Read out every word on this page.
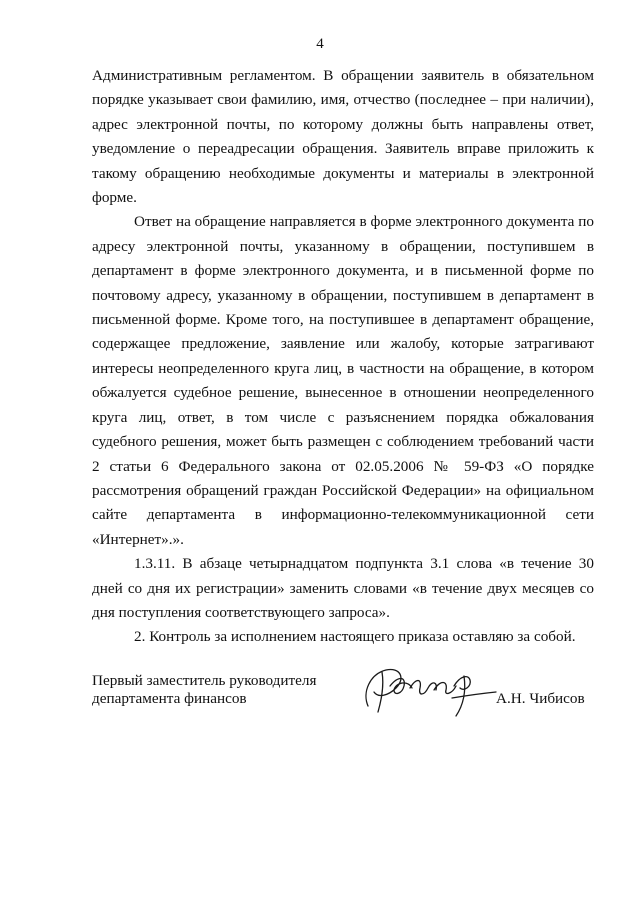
4

Административным регламентом. В обращении заявитель в обязательном порядке указывает свои фамилию, имя, отчество (последнее – при наличии), адрес электронной почты, по которому должны быть направлены ответ, уведомление о переадресации обращения. Заявитель вправе приложить к такому обращению необходимые документы и материалы в электронной форме.

Ответ на обращение направляется в форме электронного документа по адресу электронной почты, указанному в обращении, поступившем в департамент в форме электронного документа, и в письменной форме по почтовому адресу, указанному в обращении, поступившем в департамент в письменной форме. Кроме того, на поступившее в департамент обращение, содержащее предложение, заявление или жалобу, которые затрагивают интересы неопределенного круга лиц, в частности на обращение, в котором обжалуется судебное решение, вынесенное в отношении неопределенного круга лиц, ответ, в том числе с разъяснением порядка обжалования судебного решения, может быть размещен с соблюдением требований части 2 статьи 6 Федерального закона от 02.05.2006 № 59-ФЗ «О порядке рассмотрения обращений граждан Российской Федерации» на официальном сайте департамента в информационно-телекоммуникационной сети «Интернет».».

1.3.11. В абзаце четырнадцатом подпункта 3.1 слова «в течение 30 дней со дня их регистрации» заменить словами «в течение двух месяцев со дня поступления соответствующего запроса».

2. Контроль за исполнением настоящего приказа оставляю за собой.

Первый заместитель руководителя
департамента финансов	А.Н. Чибисов
